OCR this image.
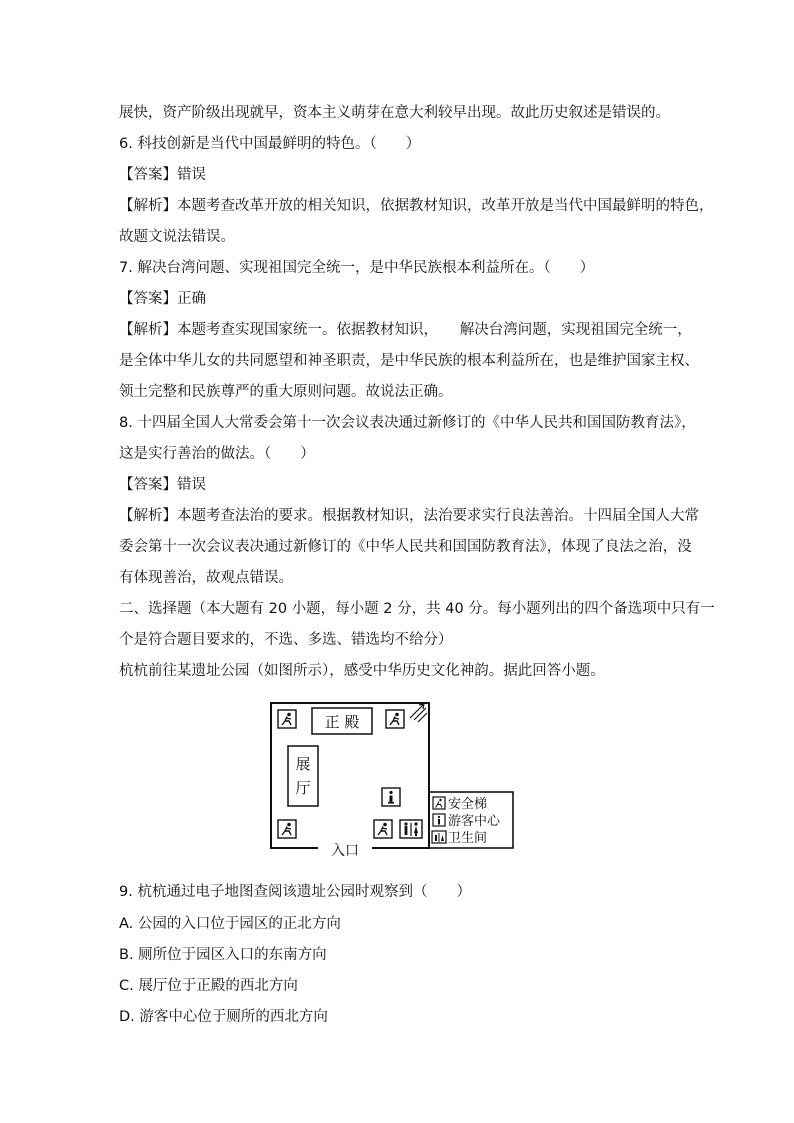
展快，资产阶级出现就早，资本主义萌芽在意大利较早出现。故此历史叙述是错误的。
6. 科技创新是当代中国最鲜明的特色。（　　）
【答案】错误
【解析】本题考查改革开放的相关知识，依据教材知识，改革开放是当代中国最鲜明的特色，
故题文说法错误。
7. 解决台湾问题、实现祖国完全统一，是中华民族根本利益所在。（　　）
【答案】正确
【解析】本题考查实现国家统一。依据教材知识，　　解决台湾问题，实现祖国完全统一，
是全体中华儿女的共同愿望和神圣职责，是中华民族的根本利益所在，也是维护国家主权、
领土完整和民族尊严的重大原则问题。故说法正确。
8. 十四届全国人大常委会第十一次会议表决通过新修订的《中华人民共和国国防教育法》，
这是实行善治的做法。（　　）
【答案】错误
【解析】本题考查法治的要求。根据教材知识，法治要求实行良法善治。十四届全国人大常
委会第十一次会议表决通过新修订的《中华人民共和国国防教育法》，体现了良法之治，没
有体现善治，故观点错误。
二、选择题（本大题有 20 小题，每小题 2 分，共 40 分。每小题列出的四个备选项中只有一
个是符合题目要求的，不选、多选、错选均不给分）
杭杭前往某遗址公园（如图所示），感受中华历史文化神韵。据此回答小题。
正 殿
展
厅
入口
安全梯
游客中心
卫生间
9. 杭杭通过电子地图查阅该遗址公园时观察到（　　）
A. 公园的入口位于园区的正北方向
B. 厕所位于园区入口的东南方向
C. 展厅位于正殿的西北方向
D. 游客中心位于厕所的西北方向
